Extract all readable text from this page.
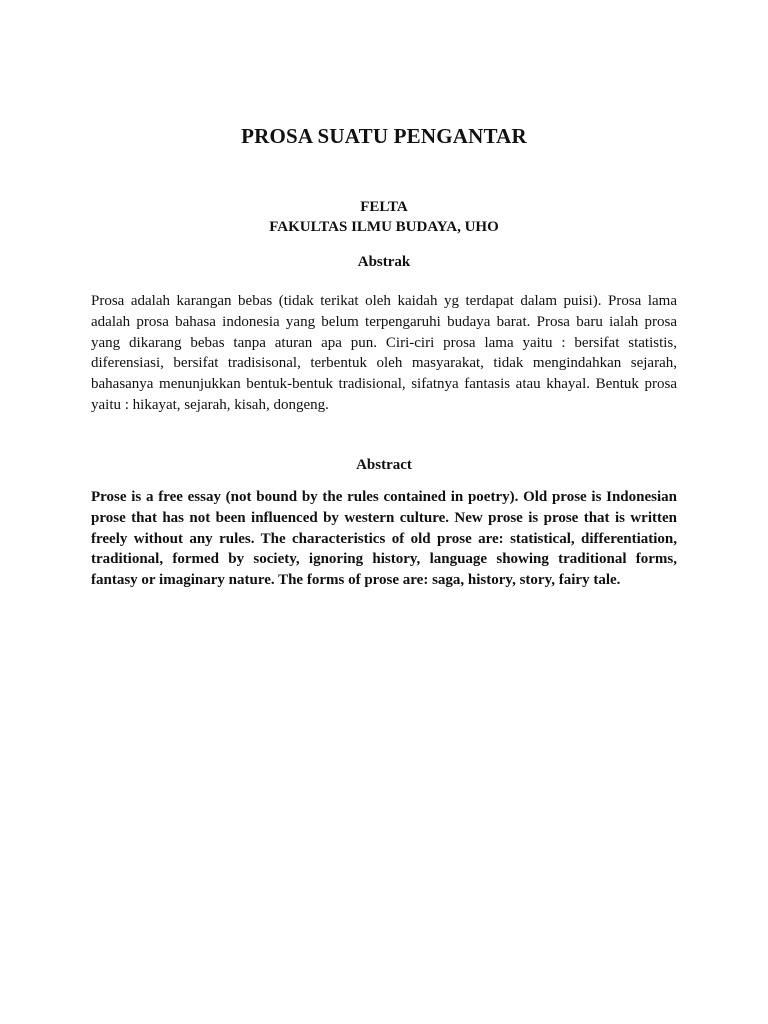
PROSA SUATU PENGANTAR
FELTA
FAKULTAS ILMU BUDAYA, UHO
Abstrak

Prosa adalah karangan bebas (tidak terikat oleh kaidah yg terdapat dalam puisi). Prosa lama adalah prosa bahasa indonesia yang belum terpengaruhi budaya barat. Prosa baru ialah prosa yang dikarang bebas tanpa aturan apa pun. Ciri-ciri prosa lama yaitu : bersifat statistis, diferensiasi, bersifat tradisisonal, terbentuk oleh masyarakat, tidak mengindahkan sejarah, bahasanya menunjukkan bentuk-bentuk tradisional, sifatnya fantasis atau khayal. Bentuk prosa yaitu : hikayat, sejarah, kisah, dongeng.

Abstract

Prose is a free essay (not bound by the rules contained in poetry). Old prose is Indonesian prose that has not been influenced by western culture. New prose is prose that is written freely without any rules. The characteristics of old prose are: statistical, differentiation, traditional, formed by society, ignoring history, language showing traditional forms, fantasy or imaginary nature. The forms of prose are: saga, history, story, fairy tale.
